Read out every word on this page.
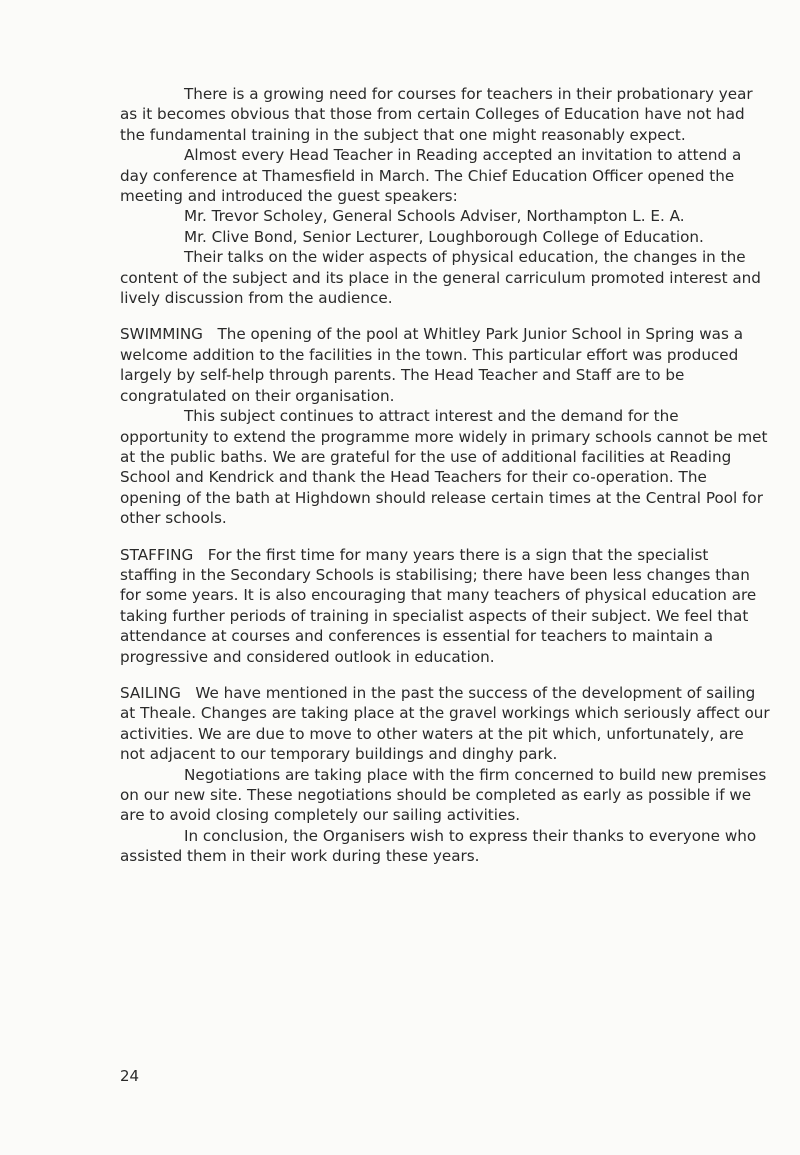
There is a growing need for courses for teachers in their probationary year as it becomes obvious that those from certain Colleges of Education have not had the fundamental training in the subject that one might reasonably expect.

Almost every Head Teacher in Reading accepted an invitation to attend a day conference at Thamesfield in March. The Chief Education Officer opened the meeting and introduced the guest speakers:

Mr. Trevor Scholey, General Schools Adviser, Northampton L. E. A.

Mr. Clive Bond, Senior Lecturer, Loughborough College of Education.

Their talks on the wider aspects of physical education, the changes in the content of the subject and its place in the general carriculum promoted interest and lively discussion from the audience.

SWIMMING The opening of the pool at Whitley Park Junior School in Spring was a welcome addition to the facilities in the town. This particular effort was produced largely by self-help through parents. The Head Teacher and Staff are to be congratulated on their organisation.

This subject continues to attract interest and the demand for the opportunity to extend the programme more widely in primary schools cannot be met at the public baths. We are grateful for the use of additional facilities at Reading School and Kendrick and thank the Head Teachers for their co-operation. The opening of the bath at Highdown should release certain times at the Central Pool for other schools.

STAFFING For the first time for many years there is a sign that the specialist staffing in the Secondary Schools is stabilising; there have been less changes than for some years. It is also encouraging that many teachers of physical education are taking further periods of training in specialist aspects of their subject. We feel that attendance at courses and conferences is essential for teachers to maintain a progressive and considered outlook in education.

SAILING We have mentioned in the past the success of the development of sailing at Theale. Changes are taking place at the gravel workings which seriously affect our activities. We are due to move to other waters at the pit which, unfortunately, are not adjacent to our temporary buildings and dinghy park.

Negotiations are taking place with the firm concerned to build new premises on our new site. These negotiations should be completed as early as possible if we are to avoid closing completely our sailing activities.

In conclusion, the Organisers wish to express their thanks to everyone who assisted them in their work during these years.

24
